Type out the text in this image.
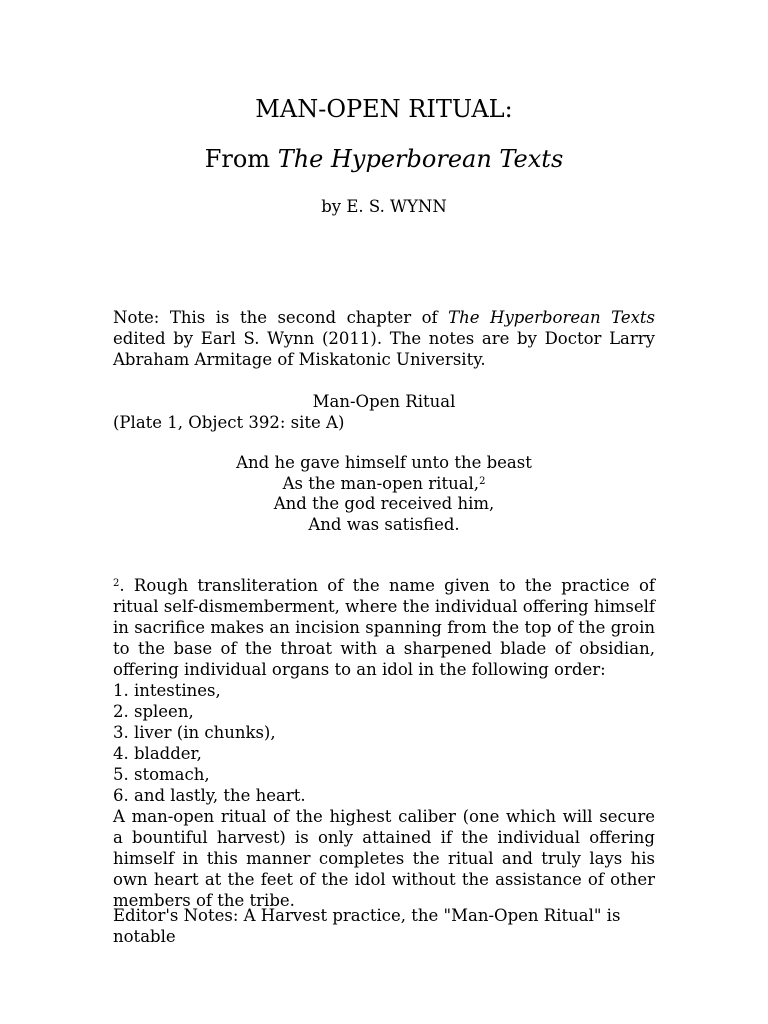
MAN-OPEN RITUAL:
From The Hyperborean Texts
by E. S. WYNN

Note: This is the second chapter of The Hyperborean Texts edited by Earl S. Wynn (2011). The notes are by Doctor Larry Abraham Armitage of Miskatonic University.

Man-Open Ritual
(Plate 1, Object 392: site A)
And he gave himself unto the beast
As the man-open ritual,$^2$
And the god received him,
And was satisfied.

$^2$. Rough transliteration of the name given to the practice of ritual self-dismemberment, where the individual offering himself in sacrifice makes an incision spanning from the top of the groin to the base of the throat with a sharpened blade of obsidian, offering individual organs to an idol in the following order:

1. intestines,
2. spleen,
3. liver (in chunks),
4. bladder,
5. stomach,
6. and lastly, the heart.

A man-open ritual of the highest caliber (one which will secure a bountiful harvest) is only attained if the individual offering himself in this manner completes the ritual and truly lays his own heart at the feet of the idol without the assistance of other members of the tribe.

Editor's Notes: A Harvest practice, the "Man-Open Ritual" is notable
